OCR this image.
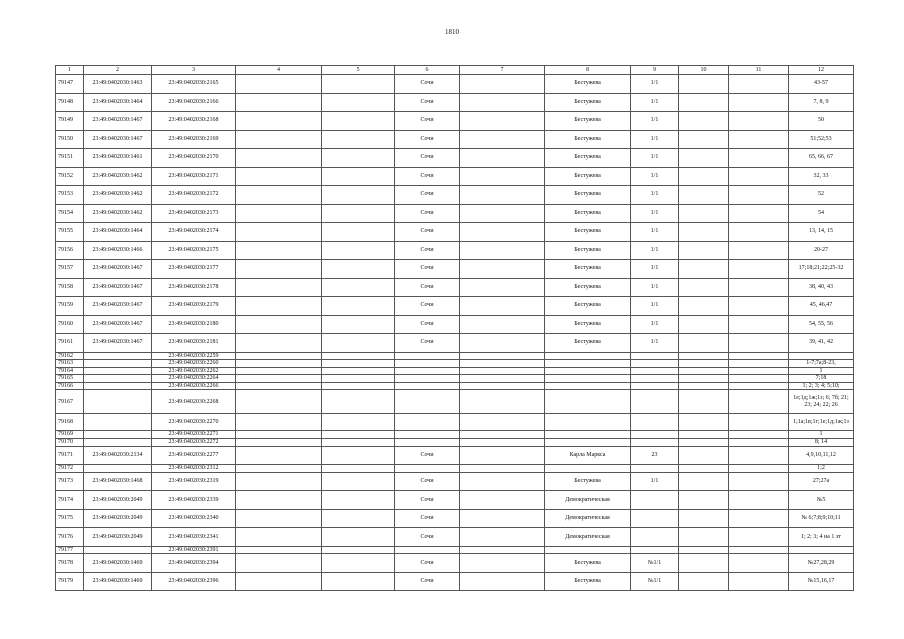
1810
1	2	3	4	5	6	7	8	9	10	11	12
79147	23:49:0402030:1463	23:49:0402030:2165			Сочи		Бестужева	1/1			43-57
79148	23:49:0402030:1464	23:49:0402030:2166			Сочи		Бестужева	1/1			7, 8, 9
79149	23:49:0402030:1467	23:49:0402030:2168			Сочи		Бестужева	1/1			50
79150	23:49:0402030:1467	23:49:0402030:2169			Сочи		Бестужева	1/1			51;52;53
79151	23:49:0402030:1461	23:49:0402030:2170			Сочи		Бестужева	1/1			65, 66, 67
79152	23:49:0402030:1462	23:49:0402030:2171			Сочи		Бестужева	1/1			32, 33
79153	23:49:0402030:1462	23:49:0402030:2172			Сочи		Бестужева	1/1			52
79154	23:49:0402030:1462	23:49:0402030:2173			Сочи		Бестужева	1/1			54
79155	23:49:0402030:1464	23:49:0402030:2174			Сочи		Бестужева	1/1			13, 14, 15
79156	23:49:0402030:1466	23:49:0402030:2175			Сочи		Бестужева	1/1			20-27
79157	23:49:0402030:1467	23:49:0402030:2177			Сочи		Бестужева	1/1			17;18;21;22;25-32
79158	23:49:0402030:1467	23:49:0402030:2178			Сочи		Бестужева	1/1			38, 40, 43
79159	23:49:0402030:1467	23:49:0402030:2179			Сочи		Бестужева	1/1			45, 46,47
79160	23:49:0402030:1467	23:49:0402030:2180			Сочи		Бестужева	1/1			54, 55, 56
79161	23:49:0402030:1467	23:49:0402030:2181			Сочи		Бестужева	1/1			39, 41, 42
79162		23:49:0402030:2259									
79163		23:49:0402030:2260									1-7;7а;8-23,
79164		23:49:0402030:2262									1
79165		23:49:0402030:2264									7;18
79166		23:49:0402030:2266									1; 2; 3; 4; 5;10;
79167		23:49:0402030:2268									1е;1д;1ж;1з; 6; 7б; 21; 23; 24; 22; 26
79168		23:49:0402030:2270									1;1а;1в;1г;1е;1д;1ж;1з
79169		23:49:0402030:2271									1
79170		23:49:0402030:2272									8; 14
79171	23:49:0402030:2134	23:49:0402030:2277			Сочи		Карла Маркса	23			4,9,10,11,12
79172		23:49:0402030:2312									1;2
79173	23:49:0402030:1468	23:49:0402030:2319			Сочи		Бестужева	1/1			27;27а
79174	23:49:0402030:2049	23:49:0402030:2339			Сочи		Демократическая				№5
79175	23:49:0402030:2049	23:49:0402030:2340			Сочи		Демократическая				№ 6;7;8;9;10;11
79176	23:49:0402030:2049	23:49:0402030:2341			Сочи		Демократическая				1; 2; 3; 4 на 1 эт
79177		23:49:0402030:2391									
79178	23:49:0402030:1469	23:49:0402030:2394			Сочи		Бестужева	№1/1			№27,28,29
79179	23:49:0402030:1469	23:49:0402030:2396			Сочи		Бестужева	№1/1			№15,16,17
